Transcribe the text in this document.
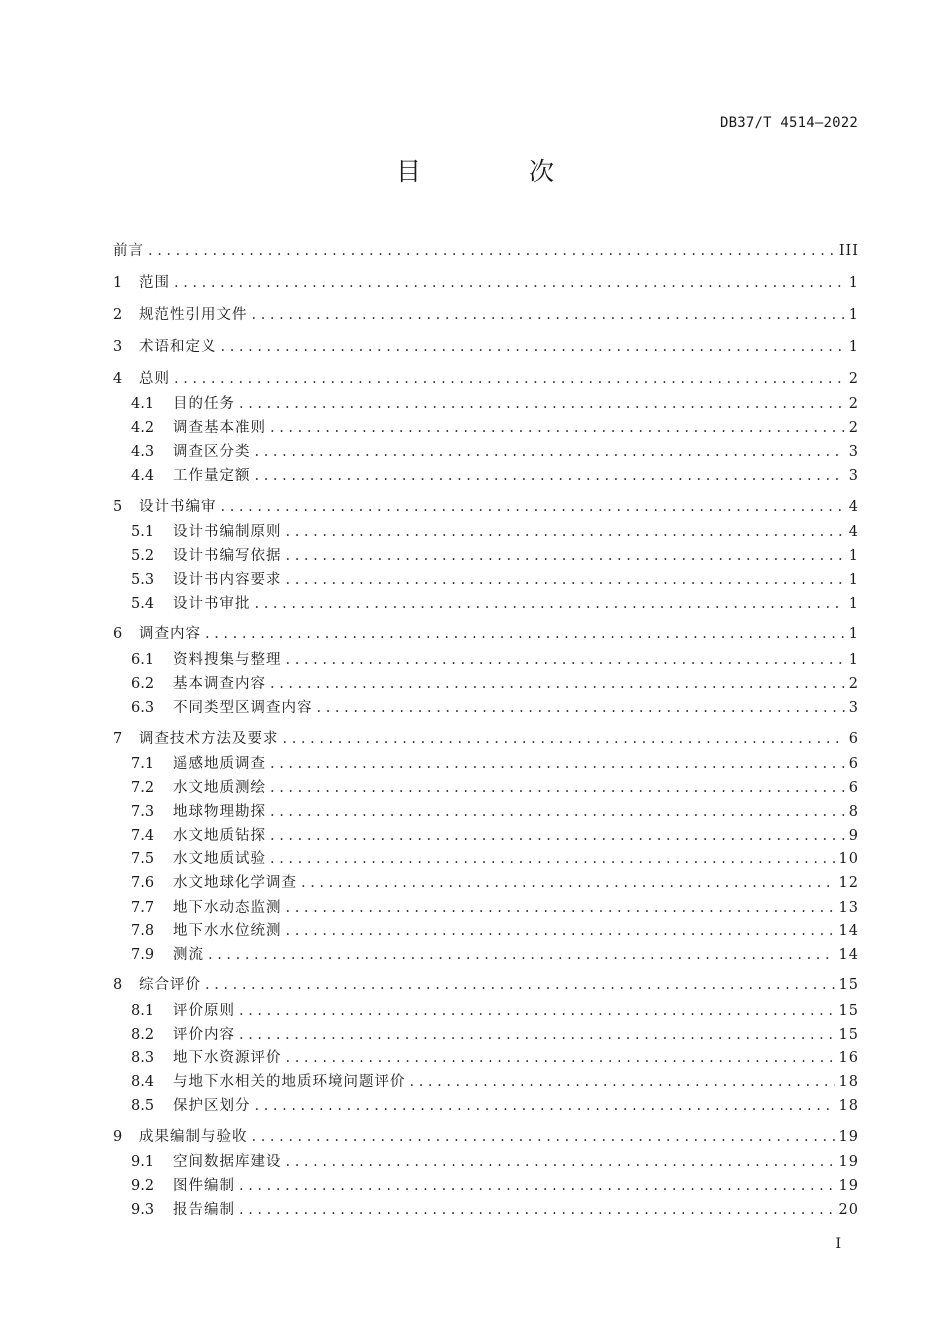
DB37/T 4514—2022
目 次
前言 .....	III
1	范围 .....	1
2	规范性引用文件 .....	1
3	术语和定义 .....	1
4	总则 .....	2
4.1	目的任务 .....	2
4.2	调查基本准则 .....	2
4.3	调查区分类 .....	3
4.4	工作量定额 .....	3
5	设计书编审 .....	4
5.1	设计书编制原则 .....	4
5.2	设计书编写依据 .....	1
5.3	设计书内容要求 .....	1
5.4	设计书审批 .....	1
6	调查内容 .....	1
6.1	资料搜集与整理 .....	1
6.2	基本调查内容 .....	2
6.3	不同类型区调查内容 .....	3
7	调查技术方法及要求 .....	6
7.1	遥感地质调查 .....	6
7.2	水文地质测绘 .....	6
7.3	地球物理勘探 .....	8
7.4	水文地质钻探 .....	9
7.5	水文地质试验 .....	10
7.6	水文地球化学调查 .....	12
7.7	地下水动态监测 .....	13
7.8	地下水水位统测 .....	14
7.9	测流 .....	14
8	综合评价 .....	15
8.1	评价原则 .....	15
8.2	评价内容 .....	15
8.3	地下水资源评价 .....	16
8.4	与地下水相关的地质环境问题评价 .....	18
8.5	保护区划分 .....	18
9	成果编制与验收 .....	19
9.1	空间数据库建设 .....	19
9.2	图件编制 .....	19
9.3	报告编制 .....	20
I
